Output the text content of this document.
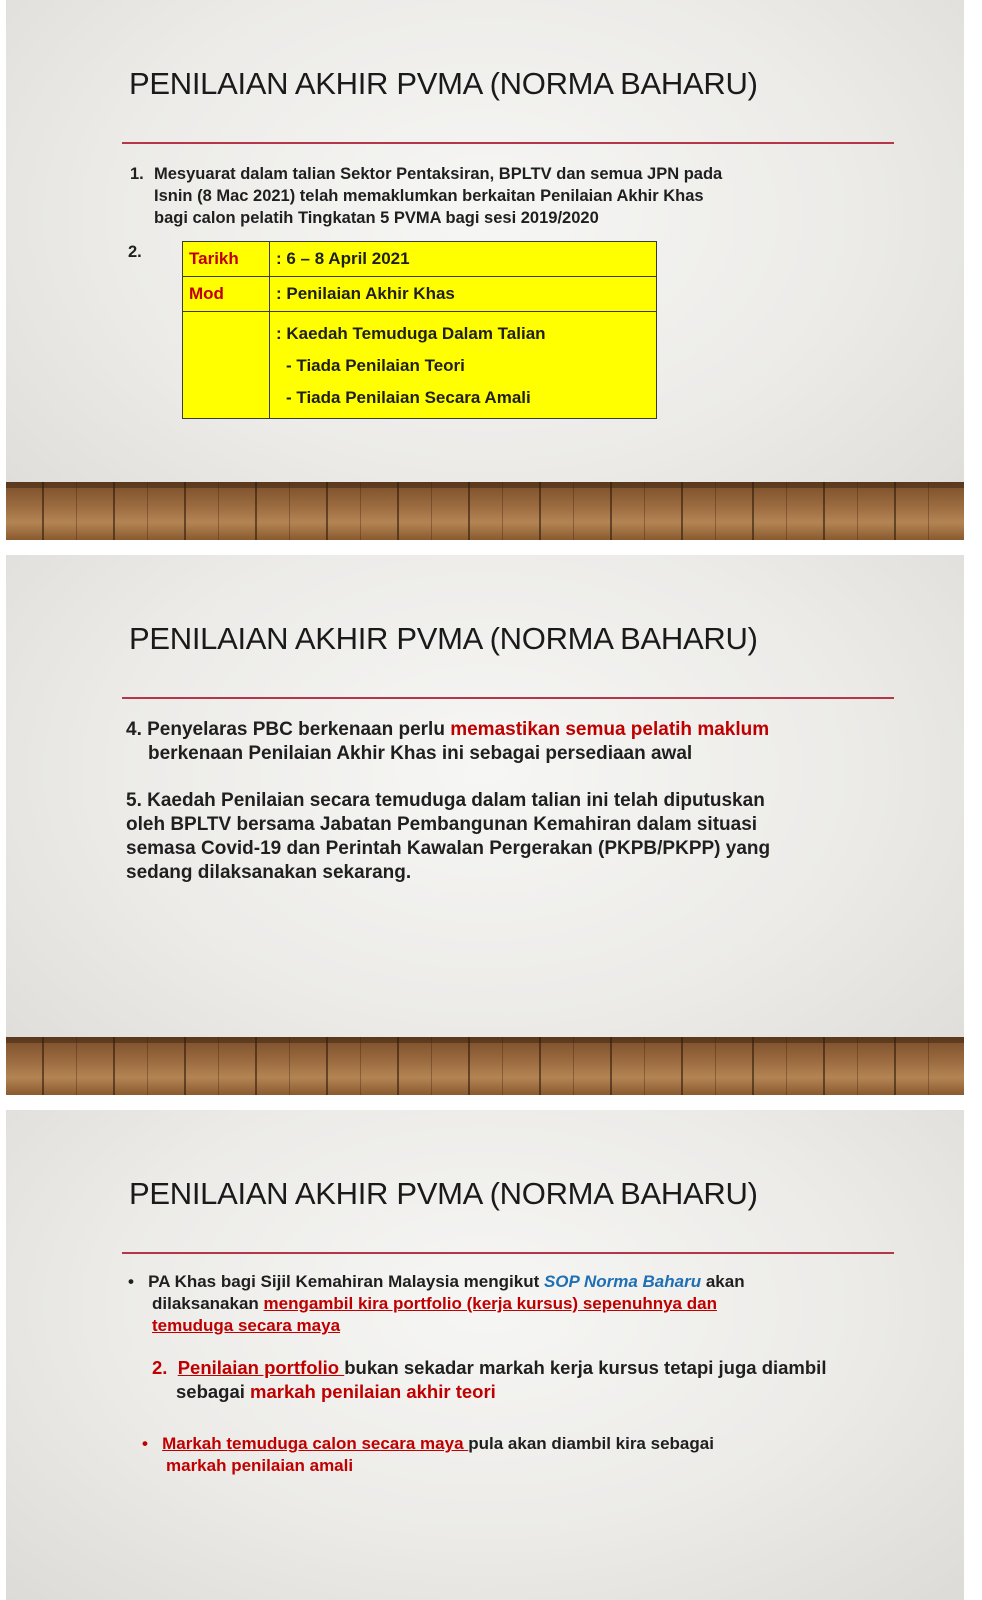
PENILAIAN AKHIR PVMA (NORMA BAHARU)
1. Mesyuarat dalam talian Sektor Pentaksiran, BPLTV dan semua JPN pada
Isnin (8 Mac 2021) telah memaklumkan berkaitan Penilaian Akhir Khas
bagi calon pelatih Tingkatan 5 PVMA bagi sesi 2019/2020
2.	Tarikh	: 6 – 8 April 2021
Mod	: Penilaian Akhir Khas

	: Kaedah Temuduga Dalam Talian
- Tiada Penilaian Teori
- Tiada Penilaian Secara Amali
PENILAIAN AKHIR PVMA (NORMA BAHARU)
4. Penyelaras PBC berkenaan perlu memastikan semua pelatih maklum
berkenaan Penilaian Akhir Khas ini sebagai persediaan awal
5. Kaedah Penilaian secara temuduga dalam talian ini telah diputuskan
oleh BPLTV bersama Jabatan Pembangunan Kemahiran dalam situasi
semasa Covid-19 dan Perintah Kawalan Pergerakan (PKPB/PKPP) yang
sedang dilaksanakan sekarang.
PENILAIAN AKHIR PVMA (NORMA BAHARU)
•   PA Khas bagi Sijil Kemahiran Malaysia mengikut SOP Norma Baharu akan
dilaksanakan mengambil kira portfolio (kerja kursus) sepenuhnya dan
temuduga secara maya
2. Penilaian portfolio bukan sekadar markah kerja kursus tetapi juga diambil
sebagai markah penilaian akhir teori
•   Markah temuduga calon secara maya pula akan diambil kira sebagai
markah penilaian amali
